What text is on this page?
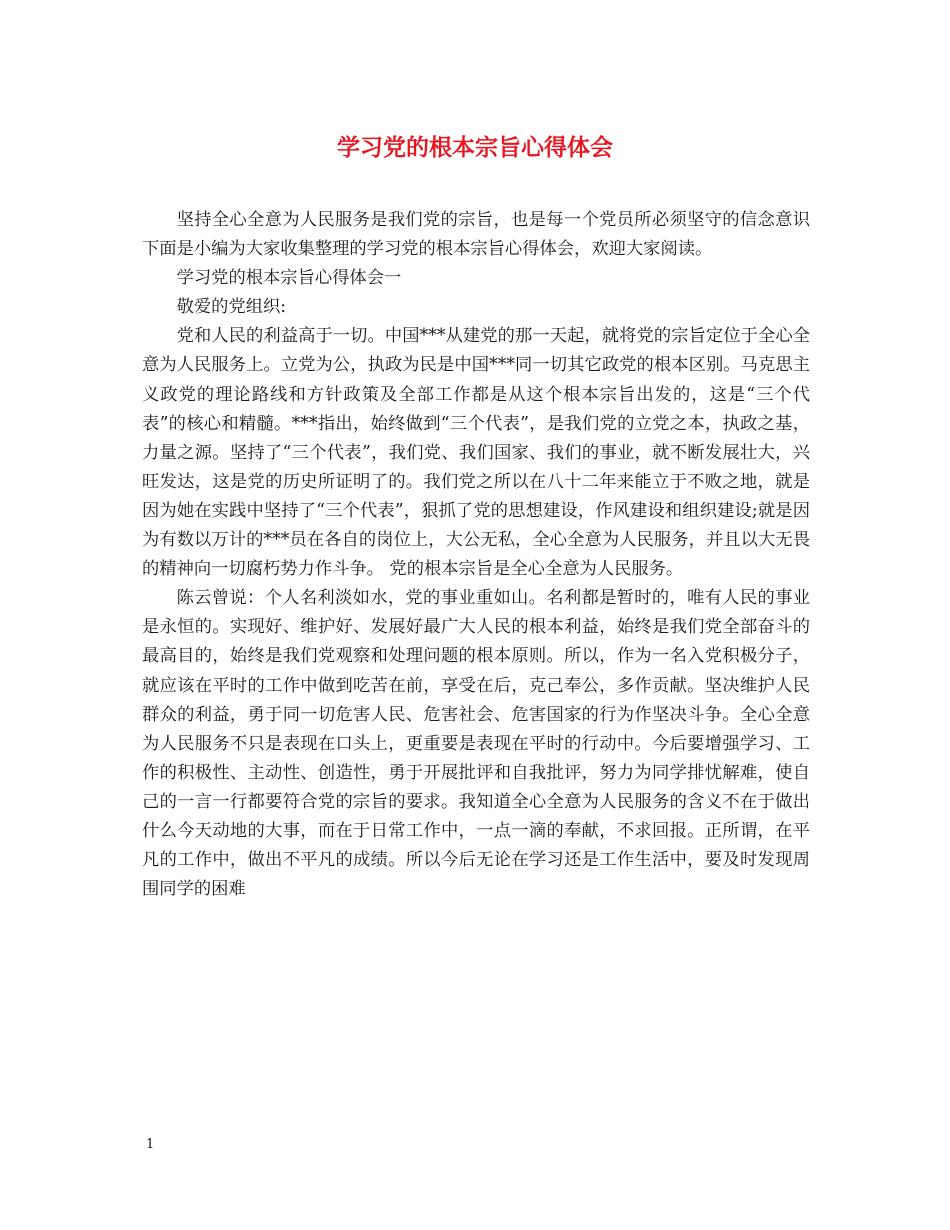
学习党的根本宗旨心得体会

坚持全心全意为人民服务是我们党的宗旨，也是每一个党员所必须坚守的信念意识下面是小编为大家收集整理的学习党的根本宗旨心得体会，欢迎大家阅读。

学习党的根本宗旨心得体会一

敬爱的党组织:

党和人民的利益高于一切。中国***从建党的那一天起，就将党的宗旨定位于全心全意为人民服务上。立党为公，执政为民是中国***同一切其它政党的根本区别。马克思主义政党的理论路线和方针政策及全部工作都是从这个根本宗旨出发的，这是“三个代表”的核心和精髓。***指出，始终做到“三个代表”，是我们党的立党之本，执政之基，力量之源。坚持了“三个代表”，我们党、我们国家、我们的事业，就不断发展壮大，兴旺发达，这是党的历史所证明了的。我们党之所以在八十二年来能立于不败之地，就是因为她在实践中坚持了“三个代表”，狠抓了党的思想建设，作风建设和组织建设;就是因为有数以万计的***员在各自的岗位上，大公无私，全心全意为人民服务，并且以大无畏的精神向一切腐朽势力作斗争。 党的根本宗旨是全心全意为人民服务。

陈云曾说：个人名利淡如水，党的事业重如山。名利都是暂时的，唯有人民的事业是永恒的。实现好、维护好、发展好最广大人民的根本利益，始终是我们党全部奋斗的最高目的，始终是我们党观察和处理问题的根本原则。所以，作为一名入党积极分子，就应该在平时的工作中做到吃苦在前，享受在后，克己奉公，多作贡献。坚决维护人民群众的利益，勇于同一切危害人民、危害社会、危害国家的行为作坚决斗争。全心全意为人民服务不只是表现在口头上，更重要是表现在平时的行动中。今后要增强学习、工作的积极性、主动性、创造性，勇于开展批评和自我批评，努力为同学排忧解难，使自己的一言一行都要符合党的宗旨的要求。我知道全心全意为人民服务的含义不在于做出什么今天动地的大事，而在于日常工作中，一点一滴的奉献，不求回报。正所谓，在平凡的工作中，做出不平凡的成绩。所以今后无论在学习还是工作生活中，要及时发现周围同学的困难

1
